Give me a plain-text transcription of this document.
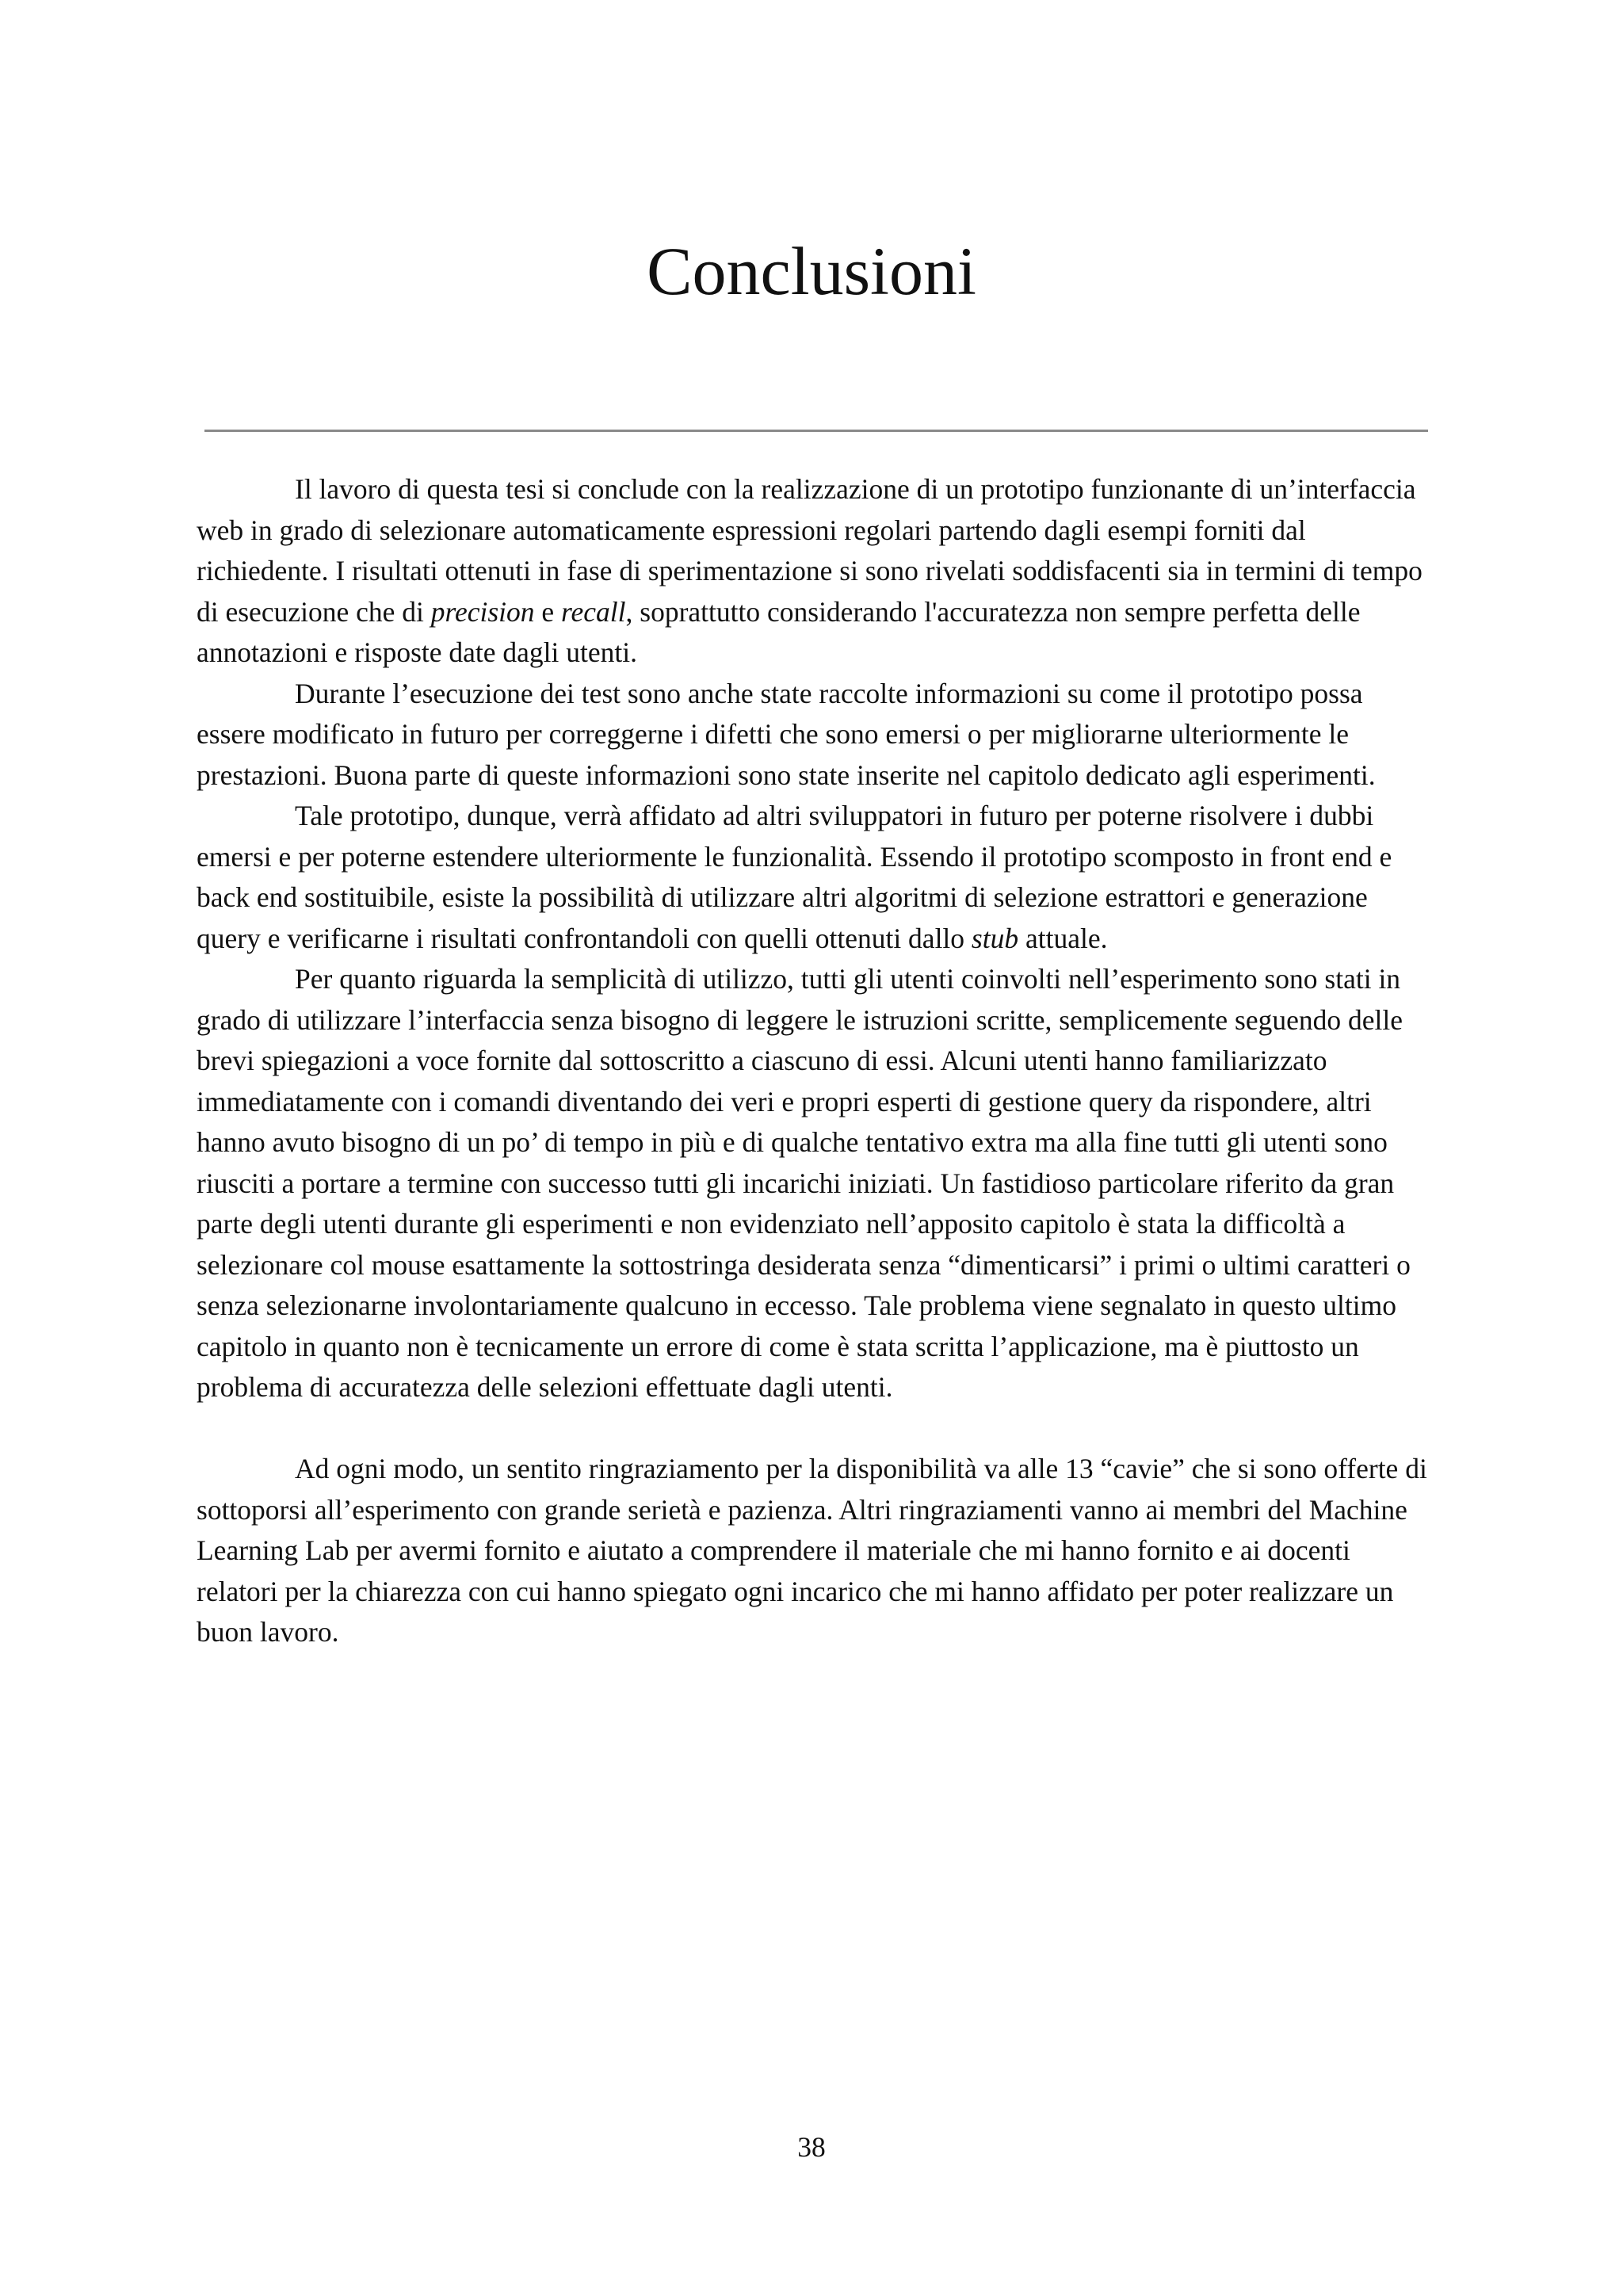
Conclusioni

Il lavoro di questa tesi si conclude con la realizzazione di un prototipo funzionante di un’interfaccia web in grado di selezionare automaticamente espressioni regolari partendo dagli esempi forniti dal richiedente. I risultati ottenuti in fase di sperimentazione si sono rivelati soddisfacenti sia in termini di tempo di esecuzione che di precision e recall, soprattutto considerando l'accuratezza non sempre perfetta delle annotazioni e risposte date dagli utenti.

Durante l’esecuzione dei test sono anche state raccolte informazioni su come il prototipo possa essere modificato in futuro per correggerne i difetti che sono emersi o per migliorarne ulteriormente le prestazioni. Buona parte di queste informazioni sono state inserite nel capitolo dedicato agli esperimenti.

Tale prototipo, dunque, verrà affidato ad altri sviluppatori in futuro per poterne risolvere i dubbi emersi e per poterne estendere ulteriormente le funzionalità. Essendo il prototipo scomposto in front end e back end sostituibile, esiste la possibilità di utilizzare altri algoritmi di selezione estrattori e generazione query e verificarne i risultati confrontandoli con quelli ottenuti dallo stub attuale.

Per quanto riguarda la semplicità di utilizzo, tutti gli utenti coinvolti nell’esperimento sono stati in grado di utilizzare l’interfaccia senza bisogno di leggere le istruzioni scritte, semplicemente seguendo delle brevi spiegazioni a voce fornite dal sottoscritto a ciascuno di essi. Alcuni utenti hanno familiarizzato immediatamente con i comandi diventando dei veri e propri esperti di gestione query da rispondere, altri hanno avuto bisogno di un po’ di tempo in più e di qualche tentativo extra ma alla fine tutti gli utenti sono riusciti a portare a termine con successo tutti gli incarichi iniziati. Un fastidioso particolare riferito da gran parte degli utenti durante gli esperimenti e non evidenziato nell’apposito capitolo è stata la difficoltà a selezionare col mouse esattamente la sottostringa desiderata senza “dimenticarsi” i primi o ultimi caratteri o senza selezionarne involontariamente qualcuno in eccesso. Tale problema viene segnalato in questo ultimo capitolo in quanto non è tecnicamente un errore di come è stata scritta l’applicazione, ma è piuttosto un problema di accuratezza delle selezioni effettuate dagli utenti.

Ad ogni modo, un sentito ringraziamento per la disponibilità va alle 13 “cavie” che si sono offerte di sottoporsi all’esperimento con grande serietà e pazienza. Altri ringraziamenti vanno ai membri del Machine Learning Lab per avermi fornito e aiutato a comprendere il materiale che mi hanno fornito e ai docenti relatori per la chiarezza con cui hanno spiegato ogni incarico che mi hanno affidato per poter realizzare un buon lavoro.

38
